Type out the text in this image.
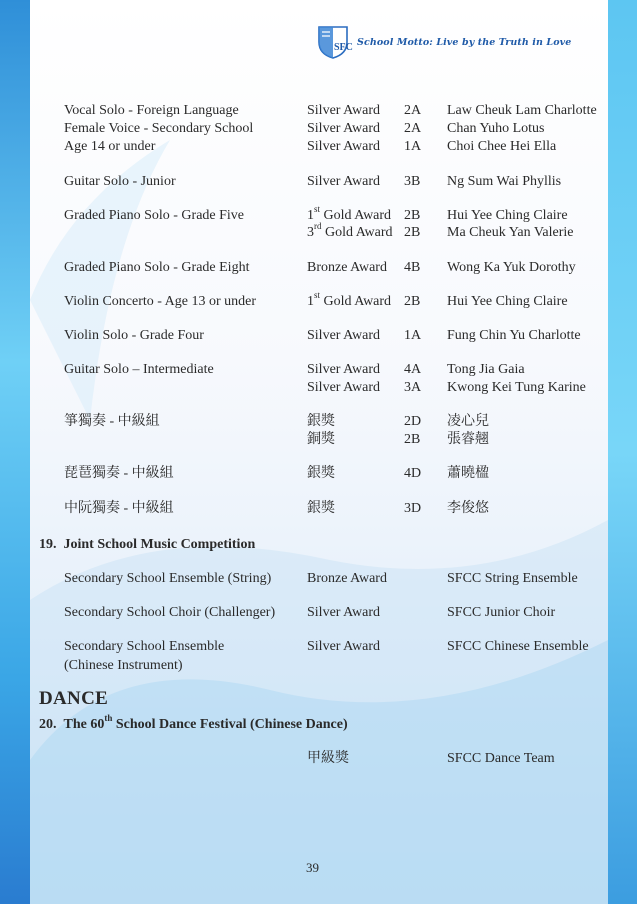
SFC School Motto: Live by the Truth in Love
Vocal Solo - Foreign Language	Silver Award 2A Law Cheuk Lam Charlotte
Female Voice - Secondary School	Silver Award 2A Chan Yuho Lotus
Age 14 or under	Silver Award 1A Choi Chee Hei Ella
Guitar Solo - Junior	Silver Award 3B Ng Sum Wai Phyllis
Graded Piano Solo - Grade Five	1st Gold Award 2B Hui Yee Ching Claire
3rd Gold Award 2B Ma Cheuk Yan Valerie
Graded Piano Solo - Grade Eight	Bronze Award 4B Wong Ka Yuk Dorothy
Violin Concerto - Age 13 or under	1st Gold Award 2B Hui Yee Ching Claire
Violin Solo - Grade Four	Silver Award 1A Fung Chin Yu Charlotte
Guitar Solo – Intermediate	Silver Award 4A Tong Jia Gaia
Silver Award 3A Kwong Kei Tung Karine
箏獨奏 - 中級組	銀獎	2D 凌心兒
銅獎	2B 張睿翹
琵琶獨奏 - 中級組	銀獎	4D 蕭曉楹
中阮獨奏 - 中級組	銀獎	3D 李俊悠
19. Joint School Music Competition
Secondary School Ensemble (String)	Bronze Award	SFCC String Ensemble
Secondary School Choir (Challenger) Silver Award	SFCC Junior Choir
Secondary School Ensemble
(Chinese Instrument)
Silver Award	SFCC Chinese Ensemble
DANCE
20. The 60th School Dance Festival (Chinese Dance)
甲級獎	SFCC Dance Team
39
